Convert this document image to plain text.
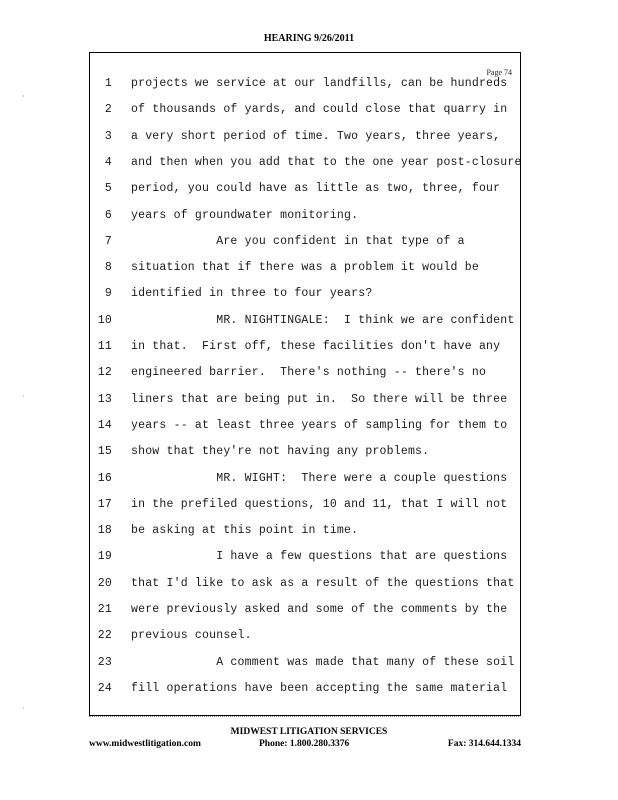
HEARING 9/26/2011
·
·
·
Page 74
1 projects we service at our landfills, can be hundreds
2 of thousands of yards, and could close that quarry in
3 a very short period of time. Two years, three years,
4 and then when you add that to the one year post-closure
5 period, you could have as little as two, three, four
6 years of groundwater monitoring.
7 Are you confident in that type of a
8 situation that if there was a problem it would be
9 identified in three to four years?
10 MR. NIGHTINGALE:  I think we are confident
11 in that.  First off, these facilities don't have any
12 engineered barrier.  There's nothing -- there's no
13 liners that are being put in.  So there will be three
14 years -- at least three years of sampling for them to
15 show that they're not having any problems.
16 MR. WIGHT:  There were a couple questions
17 in the prefiled questions, 10 and 11, that I will not
18 be asking at this point in time.
19 I have a few questions that are questions
20 that I'd like to ask as a result of the questions that
21 were previously asked and some of the comments by the
22 previous counsel.
23 A comment was made that many of these soil
24 fill operations have been accepting the same material
MIDWEST LITIGATION SERVICES
www.midwestlitigation.com	Phone: 1.800.280.3376	Fax: 314.644.1334
